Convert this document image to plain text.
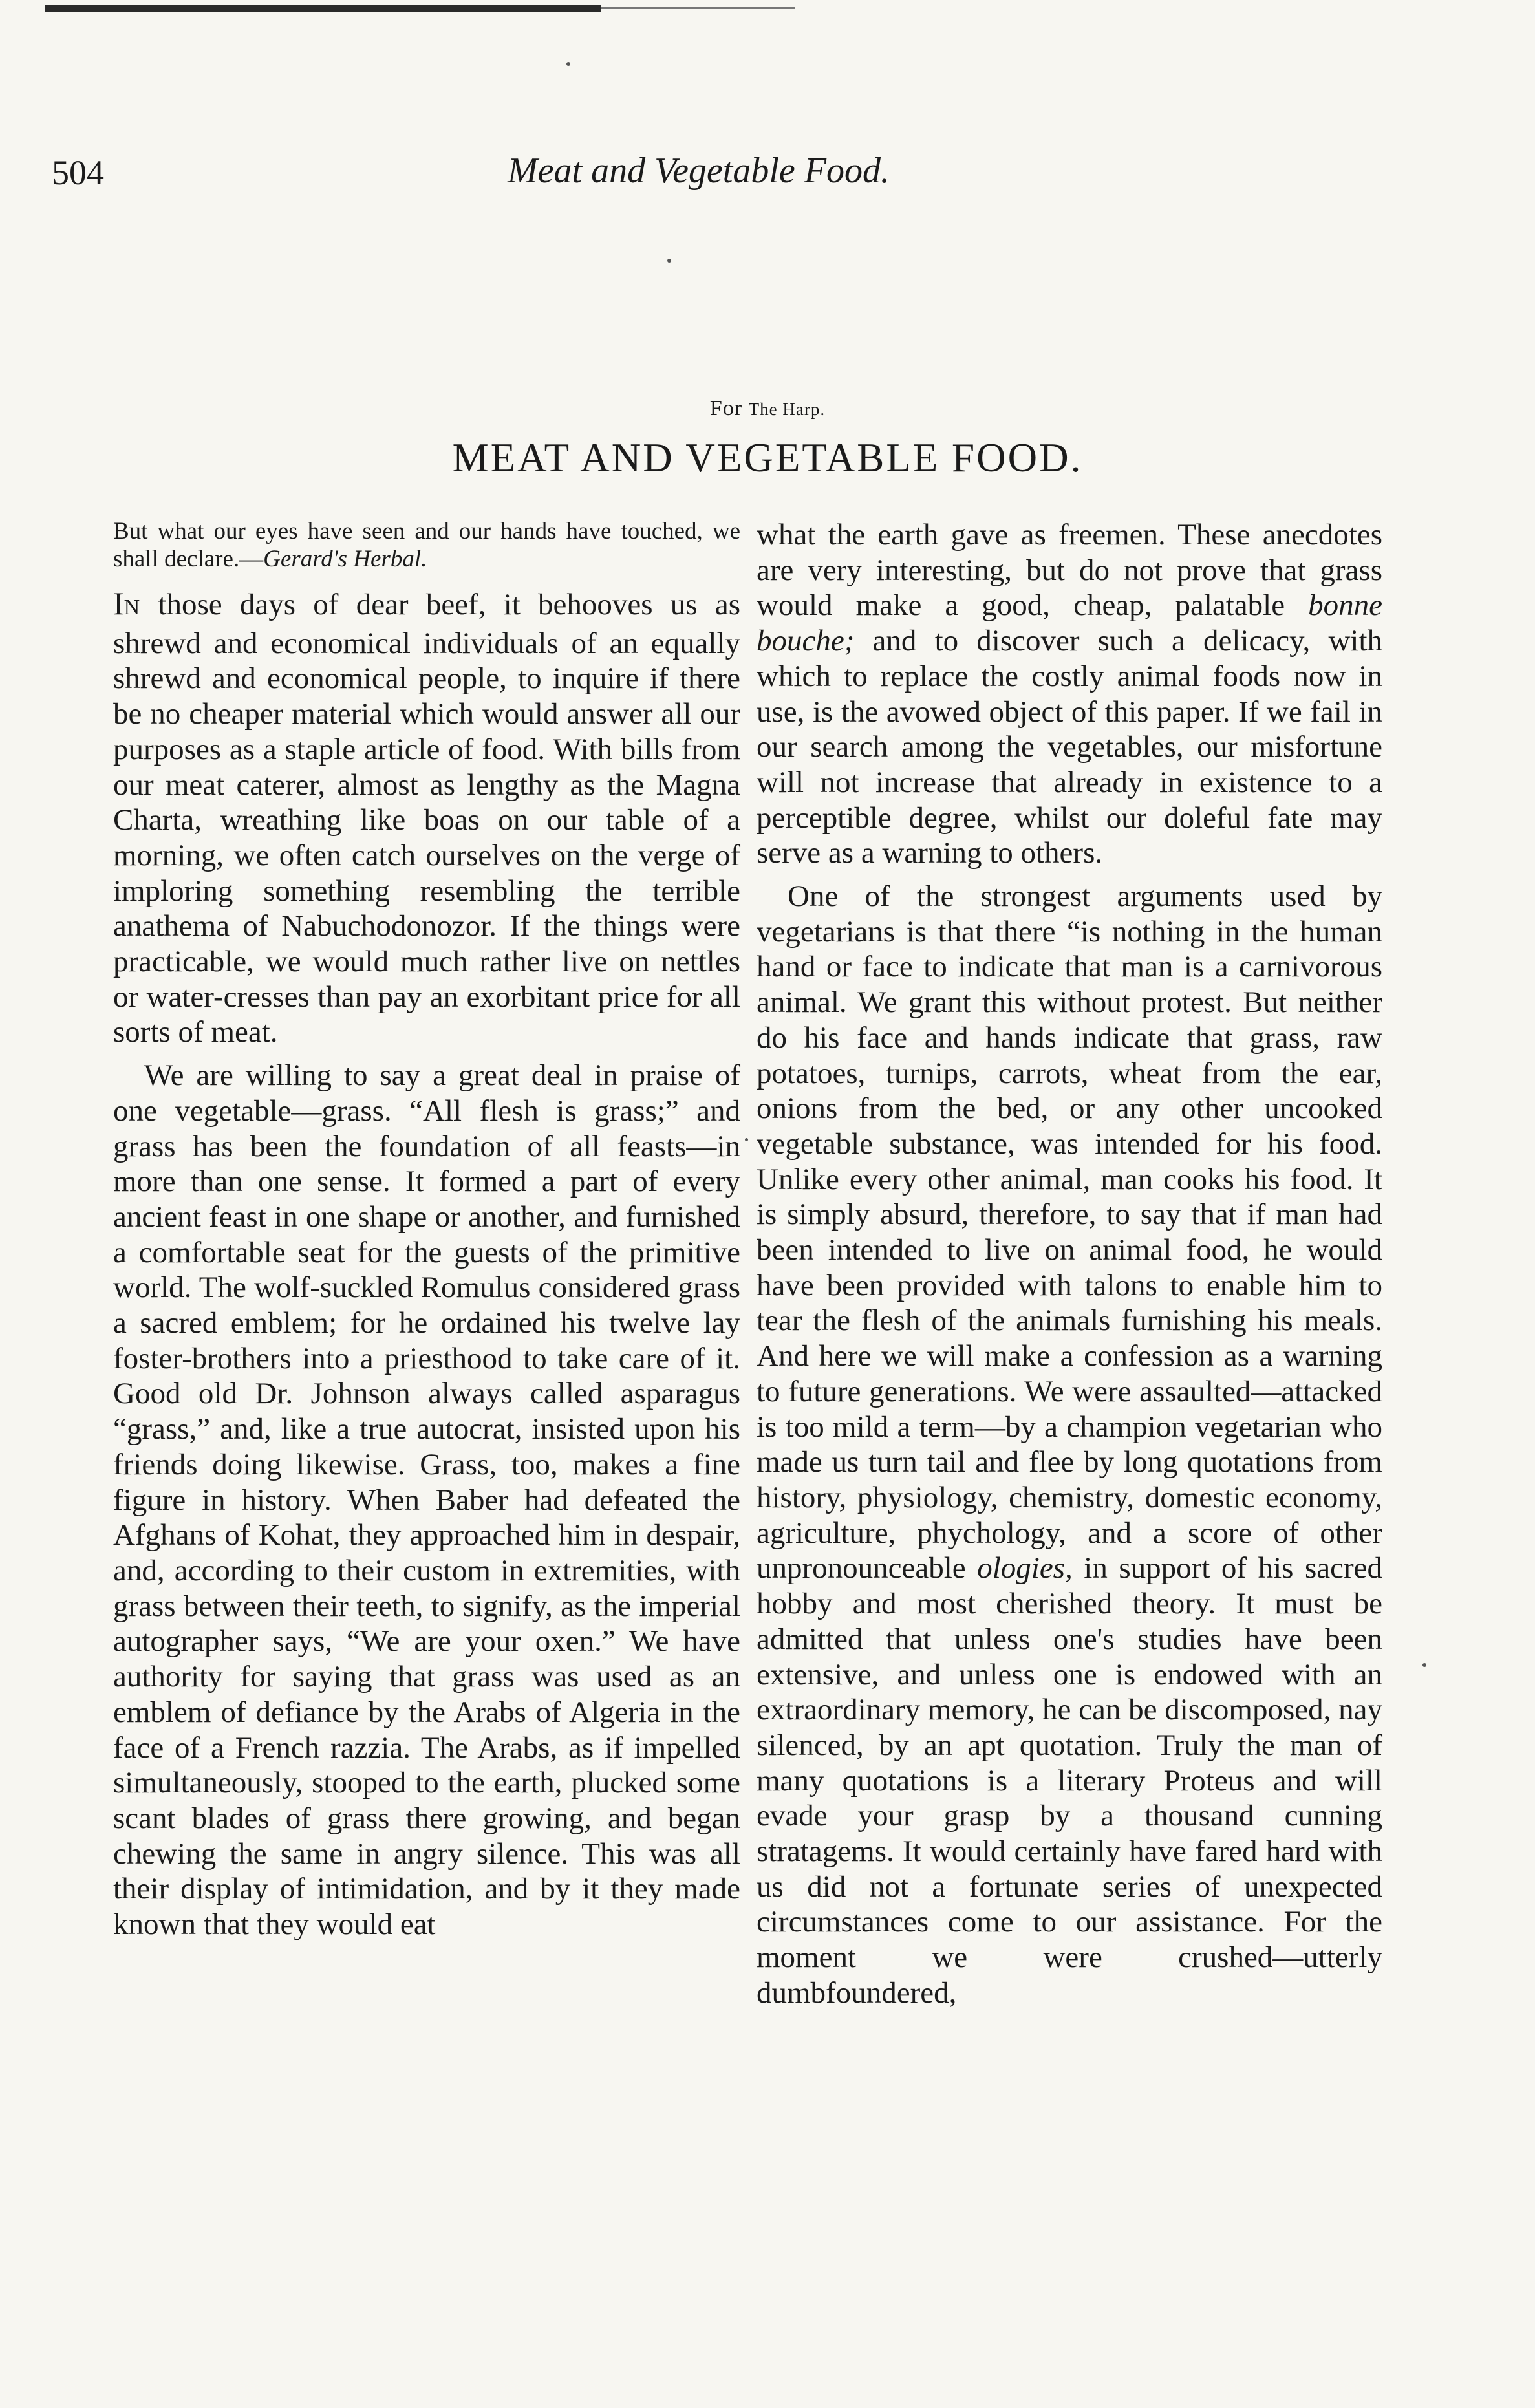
504	Meat and Vegetable Food.
For The Harp.
MEAT AND VEGETABLE FOOD.

But what our eyes have seen and our hands have touched, we shall declare.—Gerard's Herbal.

IN those days of dear beef, it behooves us as shrewd and economical individuals of an equally shrewd and economical people, to inquire if there be no cheaper material which would answer all our purposes as a staple article of food. With bills from our meat caterer, almost as lengthy as the Magna Charta, wreathing like boas on our table of a morning, we often catch ourselves on the verge of imploring something resembling the terrible anathema of Nabuchodonozor. If the things were practicable, we would much rather live on nettles or water-cresses than pay an exorbitant price for all sorts of meat.

We are willing to say a great deal in praise of one vegetable—grass. “All flesh is grass;” and grass has been the foundation of all feasts—in more than one sense. It formed a part of every ancient feast in one shape or another, and furnished a comfortable seat for the guests of the primitive world. The wolf-suckled Romulus considered grass a sacred emblem; for he ordained his twelve lay foster-brothers into a priesthood to take care of it. Good old Dr. Johnson always called asparagus “grass,” and, like a true autocrat, insisted upon his friends doing likewise. Grass, too, makes a fine figure in history. When Baber had defeated the Afghans of Kohat, they approached him in despair, and, according to their custom in extremities, with grass between their teeth, to signify, as the imperial autographer says, “We are your oxen.” We have authority for saying that grass was used as an emblem of defiance by the Arabs of Algeria in the face of a French razzia. The Arabs, as if impelled simultaneously, stooped to the earth, plucked some scant blades of grass there growing, and began chewing the same in angry silence. This was all their display of intimidation, and by it they made known that they would eat

what the earth gave as freemen. These anecdotes are very interesting, but do not prove that grass would make a good, cheap, palatable bonne bouche; and to discover such a delicacy, with which to replace the costly animal foods now in use, is the avowed object of this paper. If we fail in our search among the vegetables, our misfortune will not increase that already in existence to a perceptible degree, whilst our doleful fate may serve as a warning to others.

One of the strongest arguments used by vegetarians is that there “is nothing in the human hand or face to indicate that man is a carnivorous animal. We grant this without protest. But neither do his face and hands indicate that grass, raw potatoes, turnips, carrots, wheat from the ear, onions from the bed, or any other uncooked vegetable substance, was intended for his food. Unlike every other animal, man cooks his food. It is simply absurd, therefore, to say that if man had been intended to live on animal food, he would have been provided with talons to enable him to tear the flesh of the animals furnishing his meals. And here we will make a confession as a warning to future generations. We were assaulted—attacked is too mild a term—by a champion vegetarian who made us turn tail and flee by long quotations from history, physiology, chemistry, domestic economy, agriculture, phychology, and a score of other unpronounceable ologies, in support of his sacred hobby and most cherished theory. It must be admitted that unless one's studies have been extensive, and unless one is endowed with an extraordinary memory, he can be discomposed, nay silenced, by an apt quotation. Truly the man of many quotations is a literary Proteus and will evade your grasp by a thousand cunning stratagems. It would certainly have fared hard with us did not a fortunate series of unexpected circumstances come to our assistance. For the moment we were crushed—utterly dumbfoundered,
